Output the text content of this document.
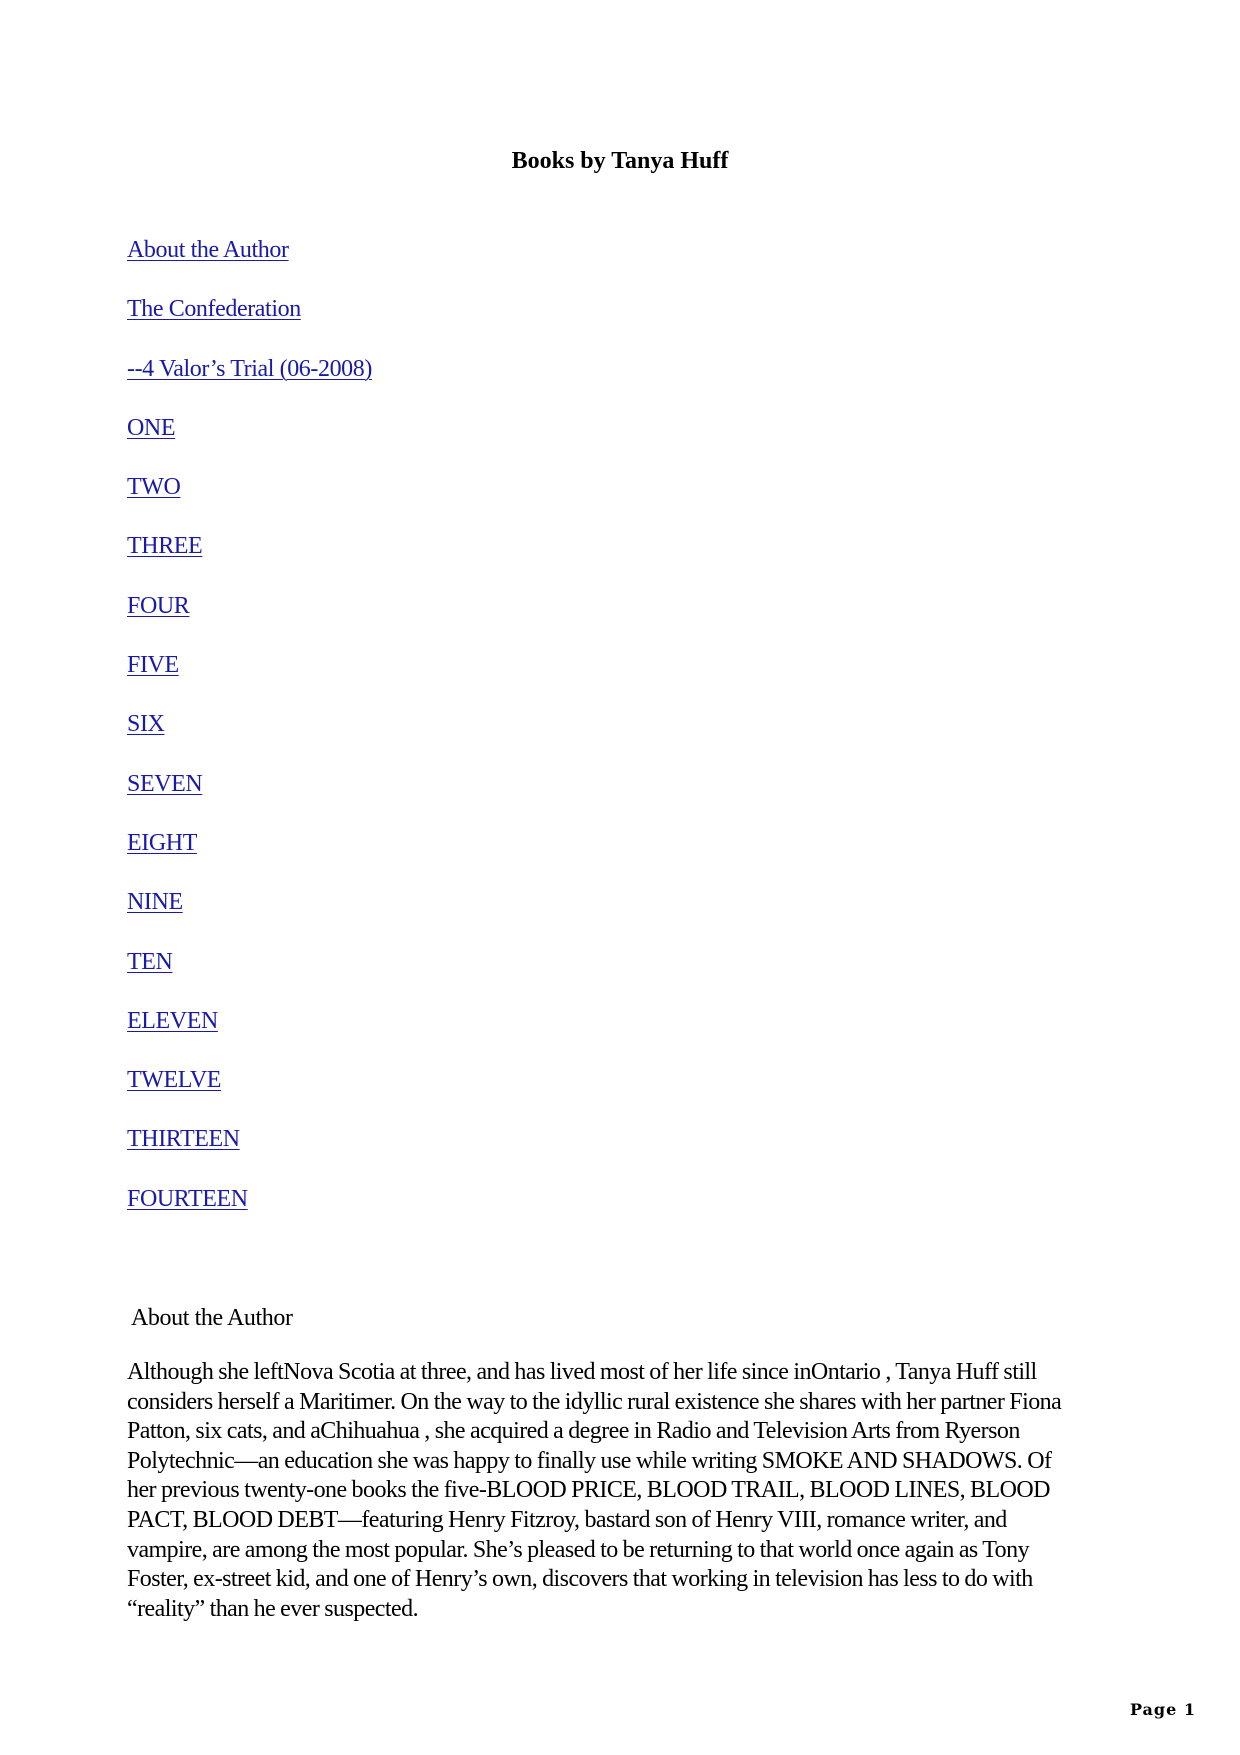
Books by Tanya Huff
About the Author
The Confederation
--4 Valor’s Trial (06-2008)
ONE
TWO
THREE
FOUR
FIVE
SIX
SEVEN
EIGHT
NINE
TEN
ELEVEN
TWELVE
THIRTEEN
FOURTEEN
About the Author

Although she leftNova Scotia at three, and has lived most of her life since inOntario , Tanya Huff still
considers herself a Maritimer. On the way to the idyllic rural existence she shares with her partner Fiona
Patton, six cats, and aChihuahua , she acquired a degree in Radio and Television Arts from Ryerson
Polytechnic—an education she was happy to finally use while writing SMOKE AND SHADOWS. Of
her previous twenty-one books the five-BLOOD PRICE, BLOOD TRAIL, BLOOD LINES, BLOOD
PACT, BLOOD DEBT—featuring Henry Fitzroy, bastard son of Henry VIII, romance writer, and
vampire, are among the most popular. She’s pleased to be returning to that world once again as Tony
Foster, ex-street kid, and one of Henry’s own, discovers that working in television has less to do with
“reality” than he ever suspected.

Page 1
